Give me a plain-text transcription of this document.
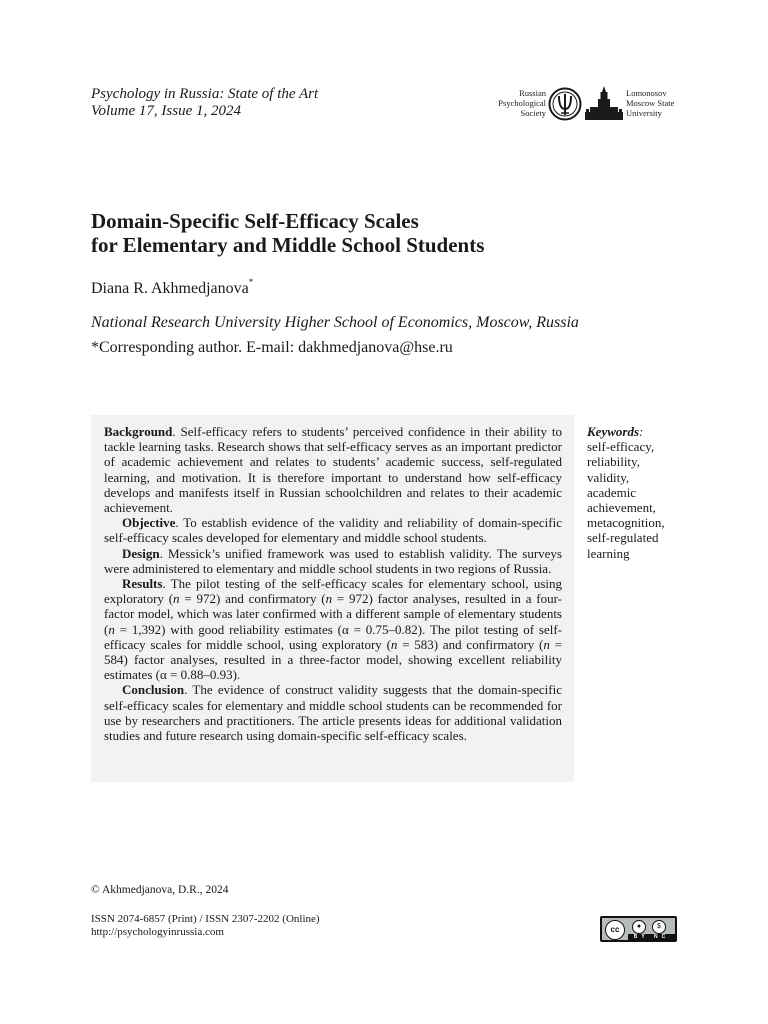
Psychology in Russia: State of the Art
Volume 17, Issue 1, 2024
Russian
Psychological
Society
Lomonosov
Moscow State
University
Domain-Specific Self-Efficacy Scales
for Elementary and Middle School Students
Diana R. Akhmedjanova*
National Research University Higher School of Economics, Moscow, Russia
*Corresponding author. E-mail: dakhmedjanova@hse.ru

Background. Self-efficacy refers to students’ perceived confidence in their ability to tackle learning tasks. Research shows that self-efficacy serves as an important predictor of academic achievement and relates to students’ academic success, self-regulated learning, and motivation. It is therefore important to understand how self-efficacy develops and manifests itself in Russian schoolchildren and relates to their academic achievement.

Objective. To establish evidence of the validity and reliability of domain-specific self-efficacy scales developed for elementary and middle school students.

Design. Messick’s unified framework was used to establish validity. The surveys were administered to elementary and middle school students in two regions of Russia.

Results. The pilot testing of the self-efficacy scales for elementary school, using exploratory (n = 972) and confirmatory (n = 972) factor analyses, resulted in a four-factor model, which was later confirmed with a different sample of elementary students (n = 1,392) with good reliability estimates (α = 0.75–0.82). The pilot testing of self-efficacy scales for middle school, using exploratory (n = 583) and confirmatory (n = 584) factor analyses, resulted in a three-factor model, showing excellent reliability estimates (α = 0.88–0.93).

Conclusion. The evidence of construct validity suggests that the domain-specific self-efficacy scales for elementary and middle school students can be recommended for use by researchers and practitioners. The article presents ideas for additional validation studies and future research using domain-specific self-efficacy scales.

Keywords:
self-efficacy,
reliability,
validity,
academic
achievement,
metacognition,
self-regulated
learning
© Akhmedjanova, D.R., 2024
ISSN 2074-6857 (Print) / ISSN 2307-2202 (Online)
http://psychologyinrussia.com	cc	●	$
BY NC
